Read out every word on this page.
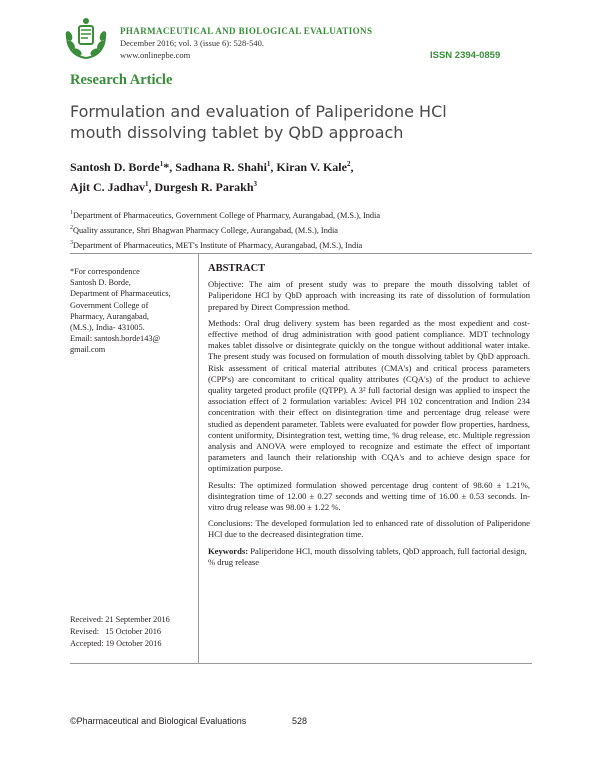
PHARMACEUTICAL AND BIOLOGICAL EVALUATIONS
December 2016; vol. 3 (issue 6): 528-540.
www.onlinepbe.com	ISSN 2394-0859
Research Article
Formulation and evaluation of Paliperidone HCl mouth dissolving tablet by QbD approach
Santosh D. Borde$^1$*, Sadhana R. Shahi$^1$, Kiran V. Kale$^2$,
Ajit C. Jadhav$^1$, Durgesh R. Parakh$^3$
$^1$Department of Pharmaceutics, Government College of Pharmacy, Aurangabad, (M.S.), India
$^2$Quality assurance, Shri Bhagwan Pharmacy College, Aurangabad, (M.S.), India
$^3$Department of Pharmaceutics, MET's Institute of Pharmacy, Aurangabad, (M.S.), India
*For correspondence
Santosh D. Borde,
Department of Pharmaceutics,
Government College of
Pharmacy, Aurangabad,
(M.S.), India- 431005.
Email: santosh.borde143@
gmail.com
Received: 21 September 2016
Revised:   15 October 2016
Accepted: 19 October 2016
ABSTRACT

Objective: The aim of present study was to prepare the mouth dissolving tablet of Paliperidone HCl by QbD approach with increasing its rate of dissolution of formulation prepared by Direct Compression method.

Methods: Oral drug delivery system has been regarded as the most expedient and cost-effective method of drug administration with good patient compliance. MDT technology makes tablet dissolve or disintegrate quickly on the tongue without additional water intake. The present study was focused on formulation of mouth dissolving tablet by QbD approach. Risk assessment of critical material attributes (CMA's) and critical process parameters (CPP's) are concomitant to critical quality attributes (CQA's) of the product to achieve quality targeted product profile (QTPP). A 3² full factorial design was applied to inspect the association effect of 2 formulation variables: Avicel PH 102 concentration and Indion 234 concentration with their effect on disintegration time and percentage drug release were studied as dependent parameter. Tablets were evaluated for powder flow properties, hardness, content uniformity, Disintegration test, wetting time, % drug release, etc. Multiple regression analysis and ANOVA were employed to recognize and estimate the effect of important parameters and launch their relationship with CQA's and to achieve design space for optimization purpose.

Results: The optimized formulation showed percentage drug content of 98.60 ± 1.21%, disintegration time of 12.00 ± 0.27 seconds and wetting time of 16.00 ± 0.53 seconds. In-vitro drug release was 98.00 ± 1.22 %.

Conclusions: The developed formulation led to enhanced rate of dissolution of Paliperidone HCl due to the decreased disintegration time.

Keywords: Paliperidone HCl, mouth dissolving tablets, QbD approach, full factorial design, % drug release

©Pharmaceutical and Biological Evaluations	528
